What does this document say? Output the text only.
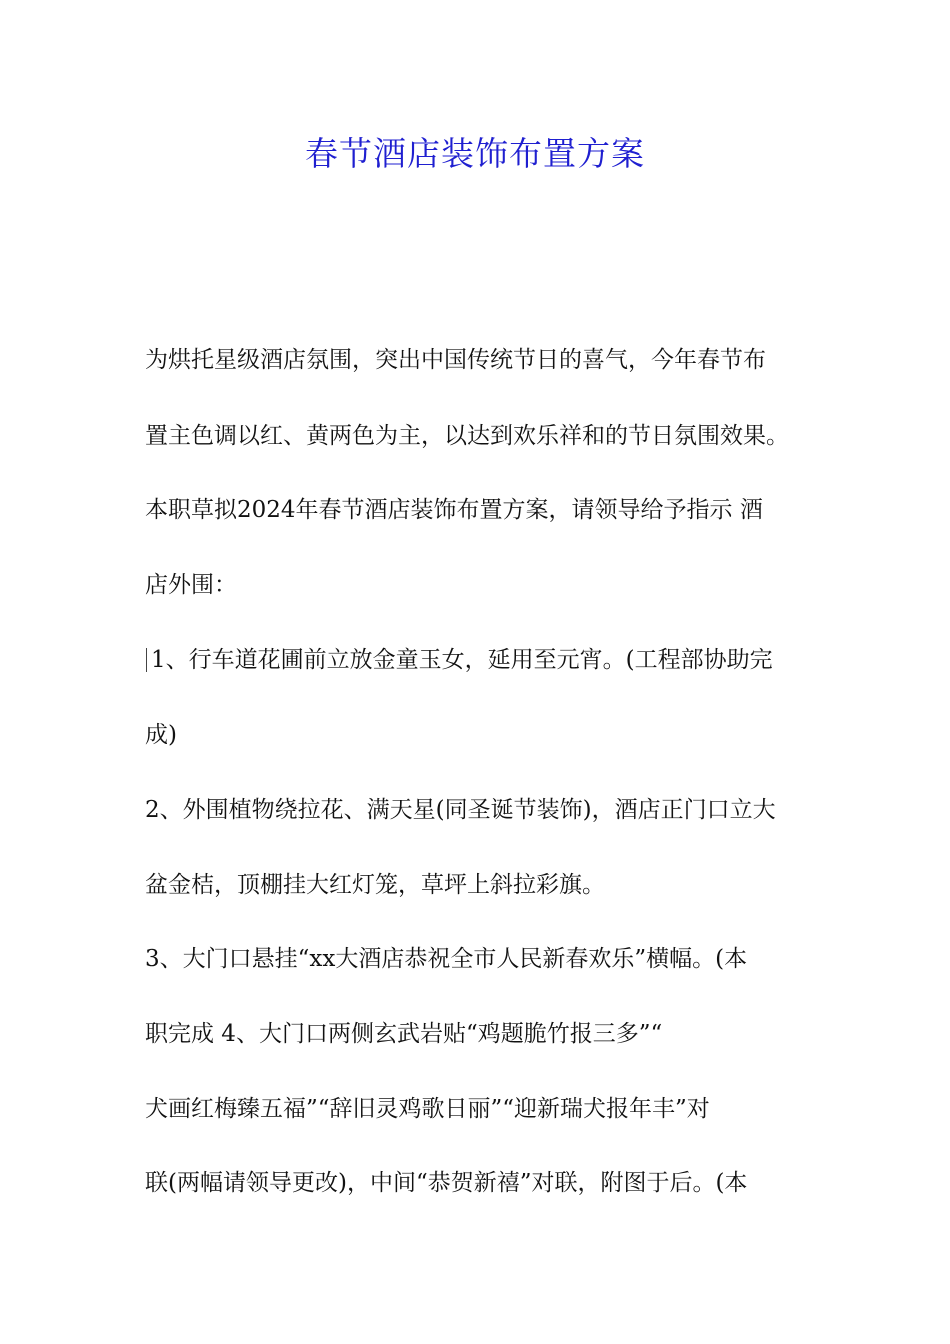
春节酒店装饰布置方案
为烘托星级酒店氛围，突出中国传统节日的喜气，今年春节布
置主色调以红、黄两色为主，以达到欢乐祥和的节日氛围效果。
本职草拟2024年春节酒店装饰布置方案，请领导给予指示 酒
店外围：
1、行车道花圃前立放金童玉女，延用至元宵。(工程部协助完
成)
2、外围植物绕拉花、满天星(同圣诞节装饰)，酒店正门口立大
盆金桔，顶棚挂大红灯笼，草坪上斜拉彩旗。
3、大门口悬挂“xx大酒店恭祝全市人民新春欢乐”横幅。(本
职完成 4、大门口两侧玄武岩贴“鸡题脆竹报三多”“
犬画红梅臻五福”“辞旧灵鸡歌日丽”“迎新瑞犬报年丰”对
联(两幅请领导更改)，中间“恭贺新禧”对联，附图于后。(本
